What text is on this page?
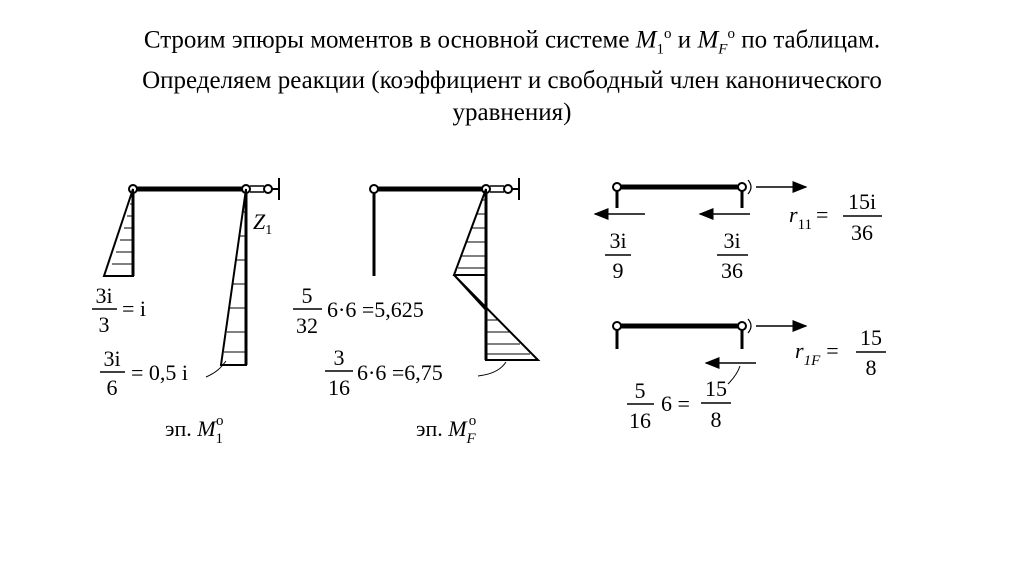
Строим эпюры моментов в основной системе $M_1^o$ и $M_F^o$ по таблицам.
Определяем реакции (коэффициент и свободный член канонического
уравнения)
$Z_1$
3i
3
= i
3i
6
= 0,5 i
эп. $M_1o$
5
32
6·6 =5,625
3
16
6·6 =6,75
эп. $M_Fo$
3i
9
3i
36
$r_{11}$ =
15i
36
5
16
6 =
15
8
$r_{1F}$ =
15
8
